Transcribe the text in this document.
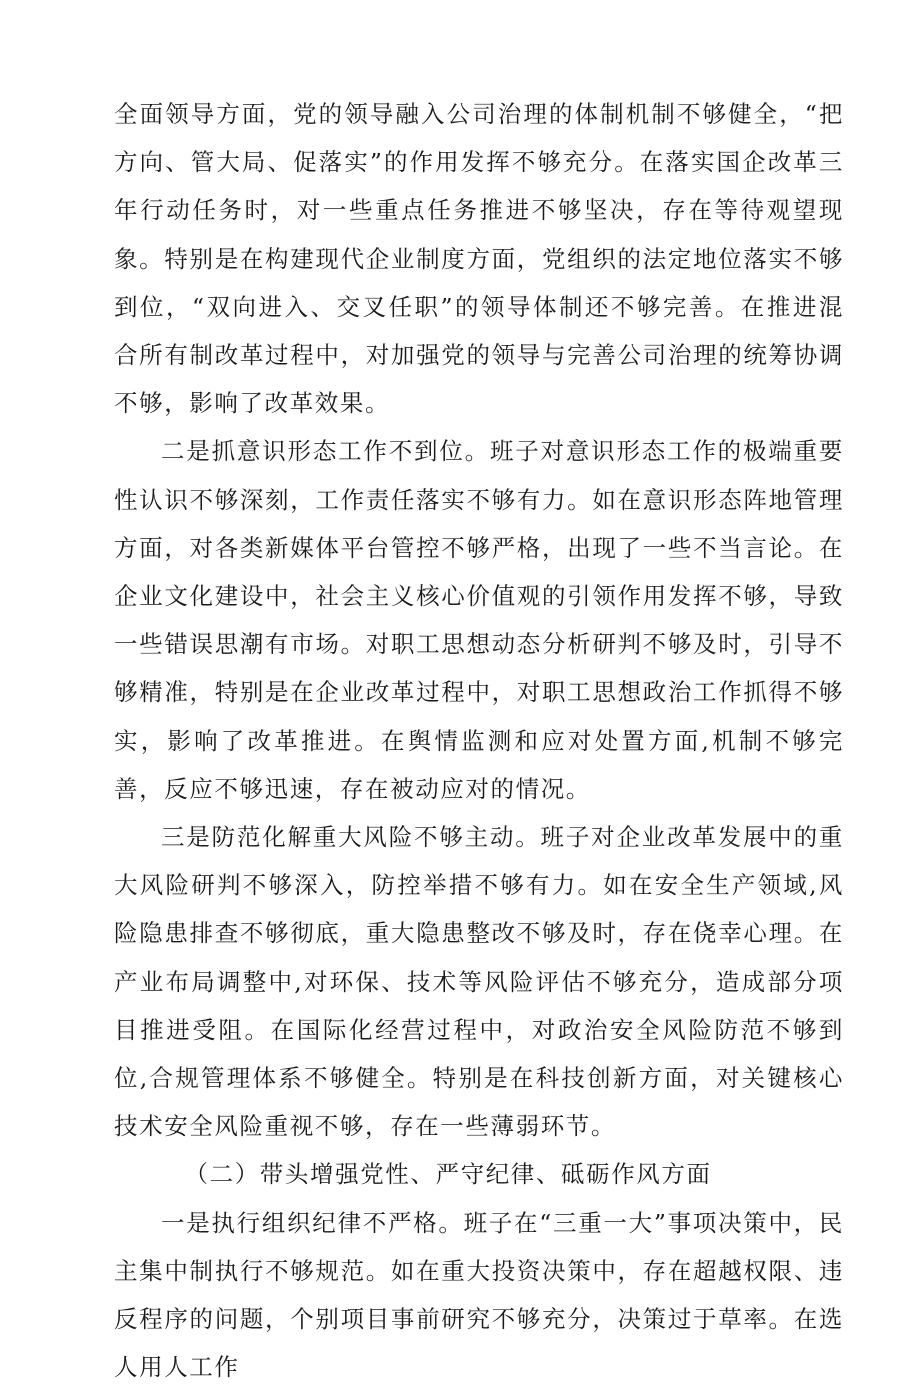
全面领导方面，党的领导融入公司治理的体制机制不够健全，“把方向、管大局、促落实”的作用发挥不够充分。在落实国企改革三年行动任务时，对一些重点任务推进不够坚决，存在等待观望现象。特别是在构建现代企业制度方面，党组织的法定地位落实不够到位，“双向进入、交叉任职”的领导体制还不够完善。在推进混合所有制改革过程中，对加强党的领导与完善公司治理的统筹协调不够，影响了改革效果。

二是抓意识形态工作不到位。班子对意识形态工作的极端重要性认识不够深刻，工作责任落实不够有力。如在意识形态阵地管理方面，对各类新媒体平台管控不够严格，出现了一些不当言论。在企业文化建设中，社会主义核心价值观的引领作用发挥不够，导致一些错误思潮有市场。对职工思想动态分析研判不够及时，引导不够精准，特别是在企业改革过程中，对职工思想政治工作抓得不够实，影响了改革推进。在舆情监测和应对处置方面,机制不够完善，反应不够迅速，存在被动应对的情况。

三是防范化解重大风险不够主动。班子对企业改革发展中的重大风险研判不够深入，防控举措不够有力。如在安全生产领域,风险隐患排查不够彻底，重大隐患整改不够及时，存在侥幸心理。在产业布局调整中,对环保、技术等风险评估不够充分，造成部分项目推进受阻。在国际化经营过程中，对政治安全风险防范不够到位,合规管理体系不够健全。特别是在科技创新方面，对关键核心技术安全风险重视不够，存在一些薄弱环节。

（二）带头增强党性、严守纪律、砥砺作风方面

一是执行组织纪律不严格。班子在“三重一大”事项决策中，民主集中制执行不够规范。如在重大投资决策中，存在超越权限、违反程序的问题，个别项目事前研究不够充分，决策过于草率。在选人用人工作
